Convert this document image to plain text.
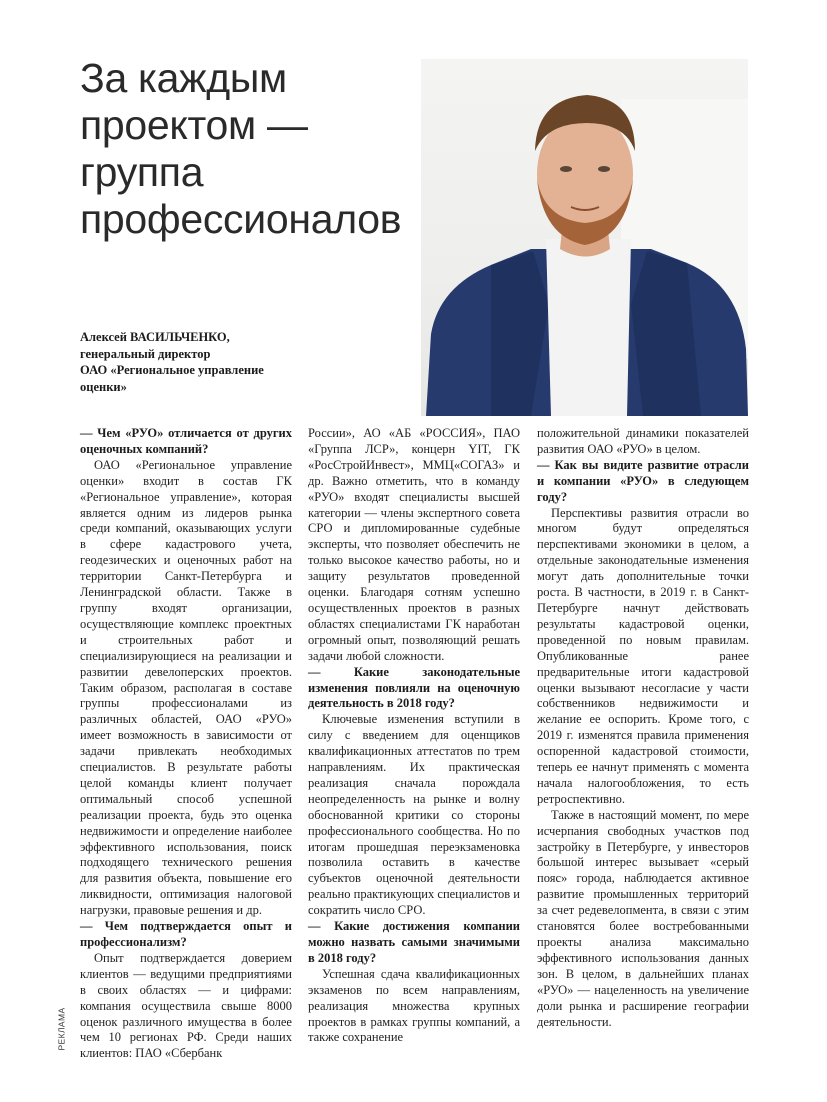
За каждым
проектом —
группа
профессионалов

Алексей ВАСИЛЬЧЕНКО,
генеральный директор
ОАО «Региональное управление
оценки»

РЕКЛАМА

— Чем «РУО» отличается от других оценочных компаний?

ОАО «Региональное управление оценки» входит в состав ГК «Региональное управление», которая является одним из лидеров рынка среди компаний, оказывающих услуги в сфере кадастрового учета, геодезических и оценочных работ на территории Санкт-Петербурга и Ленинградской области. Также в группу входят организации, осуществляющие комплекс проектных и строительных работ и специализирующиеся на реализации и развитии девелоперских проектов. Таким образом, располагая в составе группы профессионалами из различных областей, ОАО «РУО» имеет возможность в зависимости от задачи привлекать необходимых специалистов. В результате работы целой команды клиент получает оптимальный способ успешной реализации проекта, будь это оценка недвижимости и определение наиболее эффективного использования, поиск подходящего технического решения для развития объекта, повышение его ликвидности, оптимизация налоговой нагрузки, правовые решения и др.

— Чем подтверждается опыт и профессионализм?

Опыт подтверждается доверием клиентов — ведущими предприятиями в своих областях — и цифрами: компания осуществила свыше 8000 оценок различного имущества в более чем 10 регионах РФ. Среди наших клиентов: ПАО «Сбербанк

России», АО «АБ «РОССИЯ», ПАО «Группа ЛСР», концерн YIT, ГК «РосСтройИнвест», ММЦ«СОГАЗ» и др. Важно отметить, что в команду «РУО» входят специалисты высшей категории — члены экспертного совета СРО и дипломированные судебные эксперты, что позволяет обеспечить не только высокое качество работы, но и защиту результатов проведенной оценки. Благодаря сотням успешно осуществленных проектов в разных областях специалистами ГК наработан огромный опыт, позволяющий решать задачи любой сложности.

— Какие законодательные изменения повлияли на оценочную деятельность в 2018 году?

Ключевые изменения вступили в силу с введением для оценщиков квалификационных аттестатов по трем направлениям. Их практическая реализация сначала порождала неопределенность на рынке и волну обоснованной критики со стороны профессионального сообщества. Но по итогам прошедшая переэкзаменовка позволила оставить в качестве субъектов оценочной деятельности реально практикующих специалистов и сократить число СРО.

— Какие достижения компании можно назвать самыми значимыми в 2018 году?

Успешная сдача квалификационных экзаменов по всем направлениям, реализация множества крупных проектов в рамках группы компаний, а также сохранение

положительной динамики показателей развития ОАО «РУО» в целом.

— Как вы видите развитие отрасли и компании «РУО» в следующем году?

Перспективы развития отрасли во многом будут определяться перспективами экономики в целом, а отдельные законодательные изменения могут дать дополнительные точки роста. В частности, в 2019 г. в Санкт-Петербурге начнут действовать результаты кадастровой оценки, проведенной по новым правилам. Опубликованные ранее предварительные итоги кадастровой оценки вызывают несогласие у части собственников недвижимости и желание ее оспорить. Кроме того, с 2019 г. изменятся правила применения оспоренной кадастровой стоимости, теперь ее начнут применять с момента начала налогообложения, то есть ретроспективно.

Также в настоящий момент, по мере исчерпания свободных участков под застройку в Петербурге, у инвесторов большой интерес вызывает «серый пояс» города, наблюдается активное развитие промышленных территорий за счет редевелопмента, в связи с этим становятся более востребованными проекты анализа максимально эффективного использования данных зон. В целом, в дальнейших планах «РУО» — нацеленность на увеличение доли рынка и расширение географии деятельности.
